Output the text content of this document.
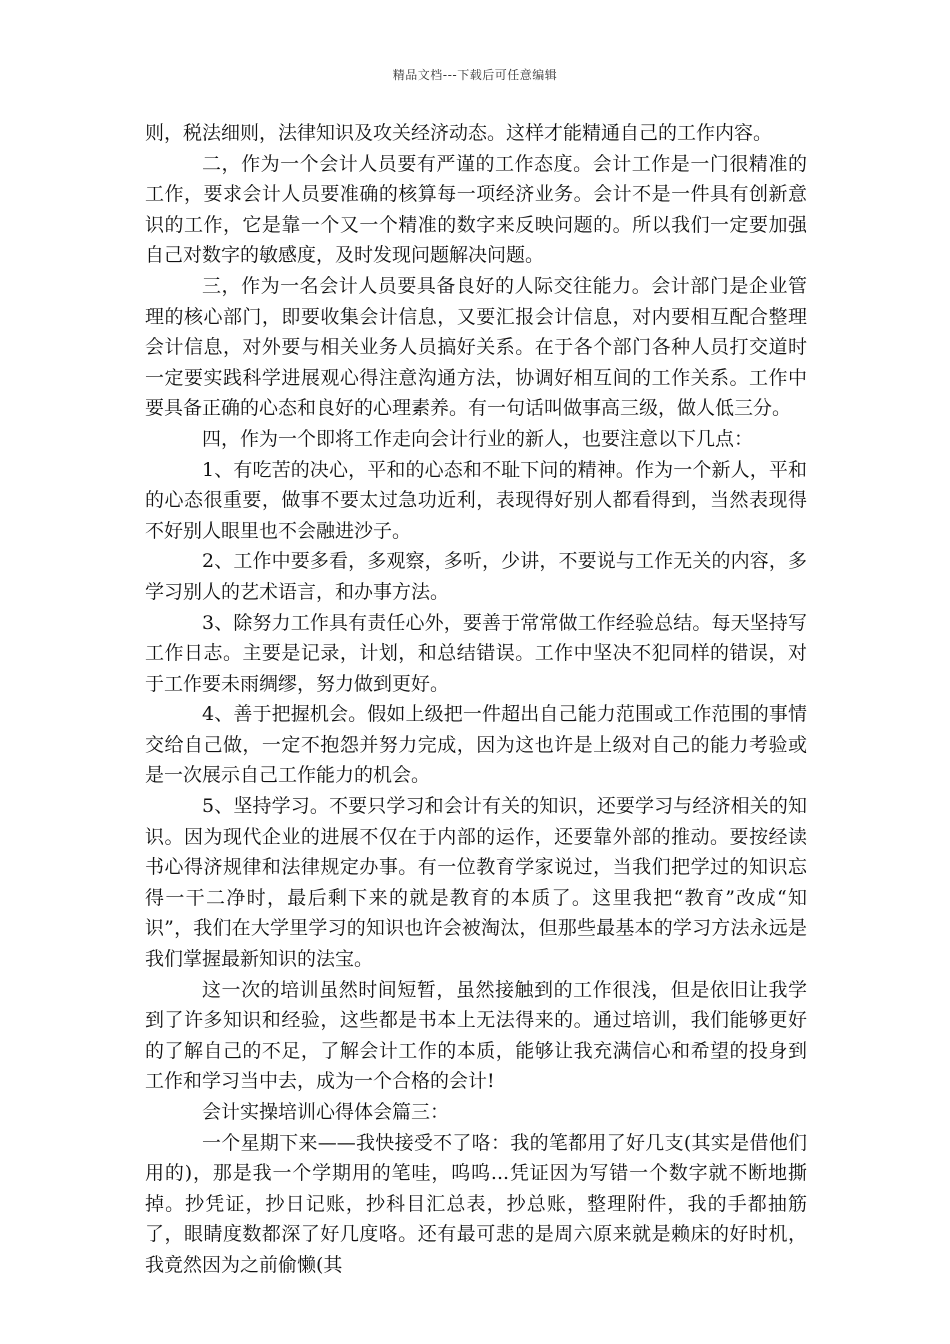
精品文档---下载后可任意编辑

则，税法细则，法律知识及攻关经济动态。这样才能精通自己的工作内容。

二，作为一个会计人员要有严谨的工作态度。会计工作是一门很精准的工作，要求会计人员要准确的核算每一项经济业务。会计不是一件具有创新意识的工作，它是靠一个又一个精准的数字来反映问题的。所以我们一定要加强自己对数字的敏感度，及时发现问题解决问题。

三，作为一名会计人员要具备良好的人际交往能力。会计部门是企业管理的核心部门，即要收集会计信息，又要汇报会计信息，对内要相互配合整理会计信息，对外要与相关业务人员搞好关系。在于各个部门各种人员打交道时一定要实践科学进展观心得注意沟通方法，协调好相互间的工作关系。工作中要具备正确的心态和良好的心理素养。有一句话叫做事高三级，做人低三分。

四，作为一个即将工作走向会计行业的新人，也要注意以下几点：

1、有吃苦的决心，平和的心态和不耻下问的精神。作为一个新人，平和的心态很重要，做事不要太过急功近利，表现得好别人都看得到，当然表现得不好别人眼里也不会融进沙子。

2、工作中要多看，多观察，多听，少讲，不要说与工作无关的内容，多学习别人的艺术语言，和办事方法。

3、除努力工作具有责任心外，要善于常常做工作经验总结。每天坚持写工作日志。主要是记录，计划，和总结错误。工作中坚决不犯同样的错误，对于工作要未雨绸缪，努力做到更好。

4、善于把握机会。假如上级把一件超出自己能力范围或工作范围的事情交给自己做，一定不抱怨并努力完成，因为这也许是上级对自己的能力考验或是一次展示自己工作能力的机会。

5、坚持学习。不要只学习和会计有关的知识，还要学习与经济相关的知识。因为现代企业的进展不仅在于内部的运作，还要靠外部的推动。要按经读书心得济规律和法律规定办事。有一位教育学家说过，当我们把学过的知识忘得一干二净时，最后剩下来的就是教育的本质了。这里我把“教育”改成“知识”，我们在大学里学习的知识也许会被淘汰，但那些最基本的学习方法永远是我们掌握最新知识的法宝。

这一次的培训虽然时间短暂，虽然接触到的工作很浅，但是依旧让我学到了许多知识和经验，这些都是书本上无法得来的。通过培训，我们能够更好的了解自己的不足，了解会计工作的本质，能够让我充满信心和希望的投身到工作和学习当中去，成为一个合格的会计!

会计实操培训心得体会篇三：

一个星期下来——我快接受不了咯：我的笔都用了好几支(其实是借他们用的)，那是我一个学期用的笔哇，呜呜...凭证因为写错一个数字就不断地撕掉。抄凭证，抄日记账，抄科目汇总表，抄总账，整理附件，我的手都抽筋了，眼睛度数都深了好几度咯。还有最可悲的是周六原来就是赖床的好时机，我竟然因为之前偷懒(其
